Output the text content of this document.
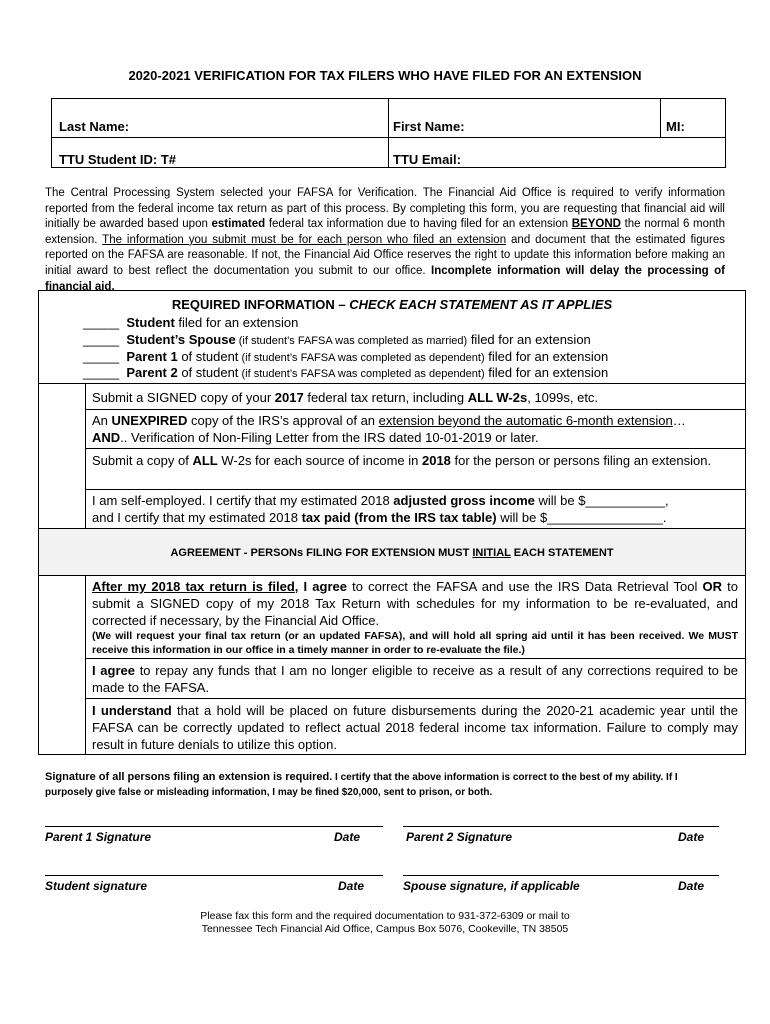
2020-2021 VERIFICATION FOR TAX FILERS WHO HAVE FILED FOR AN EXTENSION
Last Name:	First Name:	MI:
TTU Student ID: T#	TTU Email:
The Central Processing System selected your FAFSA for Verification. The Financial Aid Office is required to verify information reported from the federal income tax return as part of this process. By completing this form, you are requesting that financial aid will initially be awarded based upon estimated federal tax information due to having filed for an extension BEYOND the normal 6 month extension. The information you submit must be for each person who filed an extension and document that the estimated figures reported on the FAFSA are reasonable. If not, the Financial Aid Office reserves the right to update this information before making an initial award to best reflect the documentation you submit to our office. Incomplete information will delay the processing of financial aid.
REQUIRED INFORMATION – CHECK EACH STATEMENT AS IT APPLIES
_____ Student filed for an extension
_____ Student’s Spouse (if student’s FAFSA was completed as married) filed for an extension
_____ Parent 1 of student (if student’s FAFSA was completed as dependent) filed for an extension
_____ Parent 2 of student (if student’s FAFSA was completed as dependent) filed for an extension
Submit a SIGNED copy of your 2017 federal tax return, including ALL W-2s, 1099s, etc.
An UNEXPIRED copy of the IRS’s approval of an extension beyond the automatic 6-month extension…
AND.. Verification of Non-Filing Letter from the IRS dated 10-01-2019 or later.
Submit a copy of ALL W-2s for each source of income in 2018 for the person or persons filing an extension.
I am self-employed. I certify that my estimated 2018 adjusted gross income will be $___________,
and I certify that my estimated 2018 tax paid (from the IRS tax table) will be $________________.
AGREEMENT - PERSONs FILING FOR EXTENSION MUST INITIAL EACH STATEMENT
After my 2018 tax return is filed, I agree to correct the FAFSA and use the IRS Data Retrieval Tool OR to submit a SIGNED copy of my 2018 Tax Return with schedules for my information to be re-evaluated, and corrected if necessary, by the Financial Aid Office.
(We will request your final tax return (or an updated FAFSA), and will hold all spring aid until it has been received. We MUST receive this information in our office in a timely manner in order to re-evaluate the file.)
I agree to repay any funds that I am no longer eligible to receive as a result of any corrections required to be made to the FAFSA.
I understand that a hold will be placed on future disbursements during the 2020-21 academic year until the FAFSA can be correctly updated to reflect actual 2018 federal income tax information. Failure to comply may result in future denials to utilize this option.
Signature of all persons filing an extension is required. I certify that the above information is correct to the best of my ability. If I purposely give false or misleading information, I may be fined $20,000, sent to prison, or both.
Parent 1 Signature	Date	Parent 2 Signature	Date
Student signature	Date	Spouse signature, if applicable	Date
Please fax this form and the required documentation to 931-372-6309 or mail to
Tennessee Tech Financial Aid Office, Campus Box 5076, Cookeville, TN 38505
